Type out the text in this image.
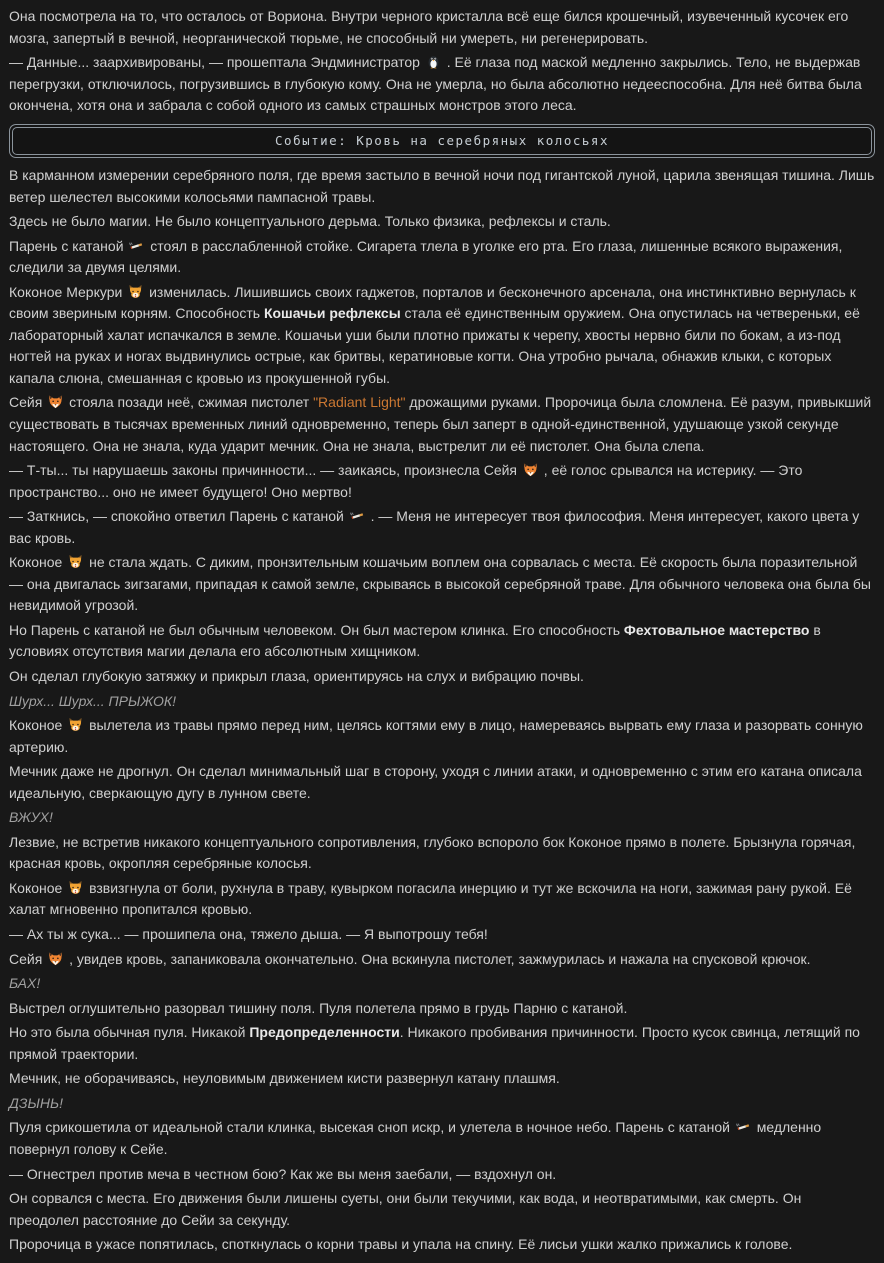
Она посмотрела на то, что осталось от Вориона. Внутри черного кристалла всё еще бился крошечный, изувеченный кусочек его мозга, запертый в вечной, неорганической тюрьме, не способный ни умереть, ни регенерировать.

— Данные... заархивированы, — прошептала Эндминистратор
. Её глаза под маской медленно закрылись. Тело, не выдержав перегрузки, отключилось, погрузившись в глубокую кому. Она не умерла, но была абсолютно недееспособна. Для неё битва была окончена, хотя она и забрала с собой одного из самых страшных монстров этого леса.

Событие: Кровь на серебряных колосьях

В карманном измерении серебряного поля, где время застыло в вечной ночи под гигантской луной, царила звенящая тишина. Лишь ветер шелестел высокими колосьями пампасной травы.

Здесь не было магии. Не было концептуального дерьма. Только физика, рефлексы и сталь.

Парень с катаной
стоял в расслабленной стойке. Сигарета тлела в уголке его рта. Его глаза, лишенные всякого выражения, следили за двумя целями.

Коконое Меркури
изменилась. Лишившись своих гаджетов, порталов и бесконечного арсенала, она инстинктивно вернулась к своим звериным корням. Способность Кошачьи рефлексы стала её единственным оружием. Она опустилась на четвереньки, её лабораторный халат испачкался в земле. Кошачьи уши были плотно прижаты к черепу, хвосты нервно били по бокам, а из-под ногтей на руках и ногах выдвинулись острые, как бритвы, кератиновые когти. Она утробно рычала, обнажив клыки, с которых капала слюна, смешанная с кровью из прокушенной губы.

Сейя
стояла позади неё, сжимая пистолет "Radiant Light" дрожащими руками. Пророчица была сломлена. Её разум, привыкший существовать в тысячах временных линий одновременно, теперь был заперт в одной-единственной, удушающе узкой секунде настоящего. Она не знала, куда ударит мечник. Она не знала, выстрелит ли её пистолет. Она была слепа.

— Т-ты... ты нарушаешь законы причинности... — заикаясь, произнесла Сейя
, её голос срывался на истерику. — Это пространство... оно не имеет будущего! Оно мертво!

— Заткнись, — спокойно ответил Парень с катаной
. — Меня не интересует твоя философия. Меня интересует, какого цвета у вас кровь.

Коконое
не стала ждать. С диким, пронзительным кошачьим воплем она сорвалась с места. Её скорость была поразительной — она двигалась зигзагами, припадая к самой земле, скрываясь в высокой серебряной траве. Для обычного человека она была бы невидимой угрозой.

Но Парень с катаной не был обычным человеком. Он был мастером клинка. Его способность Фехтовальное мастерство в условиях отсутствия магии делала его абсолютным хищником.

Он сделал глубокую затяжку и прикрыл глаза, ориентируясь на слух и вибрацию почвы.

Шурх... Шурх... ПРЫЖОК!

Коконое
вылетела из травы прямо перед ним, целясь когтями ему в лицо, намереваясь вырвать ему глаза и разорвать сонную артерию.

Мечник даже не дрогнул. Он сделал минимальный шаг в сторону, уходя с линии атаки, и одновременно с этим его катана описала идеальную, сверкающую дугу в лунном свете.

ВЖУХ!

Лезвие, не встретив никакого концептуального сопротивления, глубоко вспороло бок Коконое прямо в полете. Брызнула горячая, красная кровь, окропляя серебряные колосья.

Коконое
взвизгнула от боли, рухнула в траву, кувырком погасила инерцию и тут же вскочила на ноги, зажимая рану рукой. Её халат мгновенно пропитался кровью.

— Ах ты ж сука... — прошипела она, тяжело дыша. — Я выпотрошу тебя!

Сейя
, увидев кровь, запаниковала окончательно. Она вскинула пистолет, зажмурилась и нажала на спусковой крючок.

БАХ!

Выстрел оглушительно разорвал тишину поля. Пуля полетела прямо в грудь Парню с катаной.

Но это была обычная пуля. Никакой Предопределенности. Никакого пробивания причинности. Просто кусок свинца, летящий по прямой траектории.

Мечник, не оборачиваясь, неуловимым движением кисти развернул катану плашмя.

ДЗЫНЬ!

Пуля срикошетила от идеальной стали клинка, высекая сноп искр, и улетела в ночное небо. Парень с катаной
медленно повернул голову к Сейе.

— Огнестрел против меча в честном бою? Как же вы меня заебали, — вздохнул он.

Он сорвался с места. Его движения были лишены суеты, они были текучими, как вода, и неотвратимыми, как смерть. Он преодолел расстояние до Сейи за секунду.

Пророчица в ужасе попятилась, споткнулась о корни травы и упала на спину. Её лисьи ушки жалко прижались к голове.
